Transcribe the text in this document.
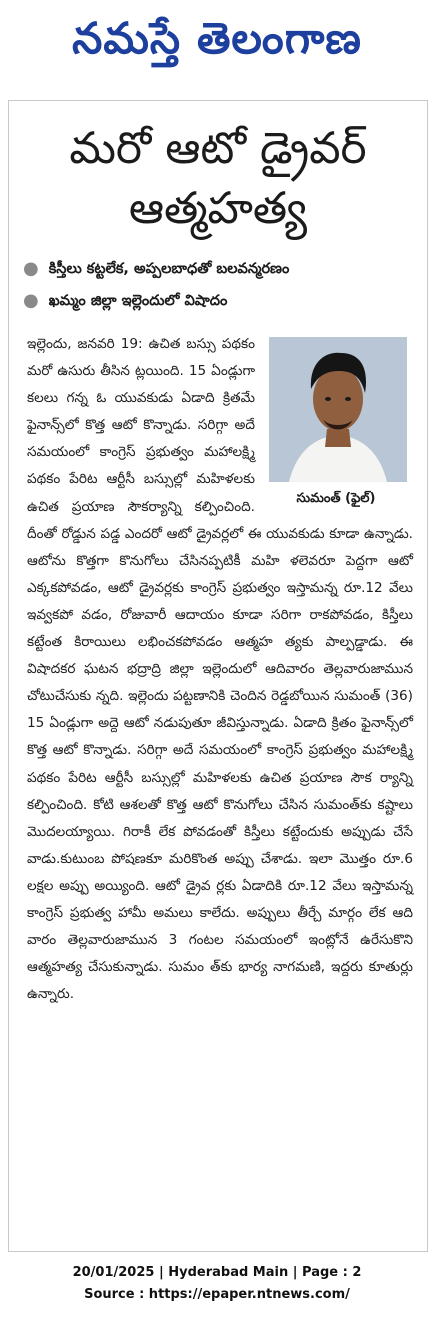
నమస్తే తెలంగాణ
మరో ఆటో డ్రైవర్
ఆత్మహత్య
● కిస్తీలు కట్టలేక, అప్పలబాధతో బలవన్మరణం
● ఖమ్మం జిల్లా ఇల్లెందులో విషాదం
సుమంత్ (ఫైల్)
ఇల్లెందు, జనవరి 19: ఉచిత బస్సు పథకం మరో ఉసురు తీసిన ట్లయింది. 15 ఏండ్లుగా కలలు గన్న ఓ యువకుడు ఏడాది క్రితమే ఫైనాన్స్‌లో కొత్త ఆటో కొన్నాడు. సరిగ్గా అదే సమయంలో కాంగ్రెస్ ప్రభుత్వం మహాలక్ష్మి పథకం పేరిట ఆర్టీసీ బస్సుల్లో మహిళలకు ఉచిత ప్రయాణ సౌకర్యాన్ని కల్పించింది. దీంతో రోడ్డున పడ్డ ఎందరో ఆటో డ్రైవర్లలో ఈ యువకుడు కూడా ఉన్నాడు. ఆటోను కొత్తగా కొనుగోలు చేసినప్పటికీ మహి ళలెవరూ పెద్దగా ఆటో ఎక్కకపోవడం, ఆటో డ్రైవర్లకు కాంగ్రెస్ ప్రభుత్వం ఇస్తామన్న రూ.12 వేలు ఇవ్వకపో వడం, రోజువారీ ఆదాయం కూడా సరిగా రాకపోవడం, కిస్తీలు కట్టేంత కిరాయిలు లభించకపోవడం ఆత్మహ త్యకు పాల్పడ్డాడు. ఈ విషాదకర ఘటన భద్రాద్రి జిల్లా ఇల్లెందులో ఆదివారం తెల్లవారుజామున చోటుచేసుకు న్నది. ఇల్లెందు పట్టణానికి చెందిన రెడ్డబోయిన సుమంత్ (36) 15 ఏండ్లుగా అద్దె ఆటో నడుపుతూ జీవిస్తున్నాడు. ఏడాది క్రితం ఫైనాన్స్‌లో కొత్త ఆటో కొన్నాడు. సరిగ్గా అదే సమయంలో కాంగ్రెస్ ప్రభుత్వం మహాలక్ష్మి పథకం పేరిట ఆర్టీసీ బస్సుల్లో మహిళలకు ఉచిత ప్రయాణ సౌక ర్యాన్ని కల్పించింది. కోటి ఆశలతో కొత్త ఆటో కొనుగోలు చేసిన సుమంత్‌కు కష్టాలు మొదలయ్యాయి. గిరాకీ లేక పోవడంతో కిస్తీలు కట్టేందుకు అప్పుడు చేసే వాడు.కుటుంబ పోషణకూ మరికొంత అప్పు చేశాడు. ఇలా మొత్తం రూ.6 లక్షల అప్పు అయ్యింది. ఆటో డ్రైవ ర్లకు ఏడాదికి రూ.12 వేలు ఇస్తామన్న కాంగ్రెస్ ప్రభుత్వ హామీ అమలు కాలేదు. అప్పులు తీర్చే మార్గం లేక ఆది వారం తెల్లవారుజామున 3 గంటల సమయంలో ఇంట్లోనే ఉరేసుకొని ఆత్మహత్య చేసుకున్నాడు. సుమం త్‌కు భార్య నాగమణి, ఇద్దరు కూతుర్లు ఉన్నారు.
20/01/2025 | Hyderabad Main | Page : 2
Source : https://epaper.ntnews.com/
